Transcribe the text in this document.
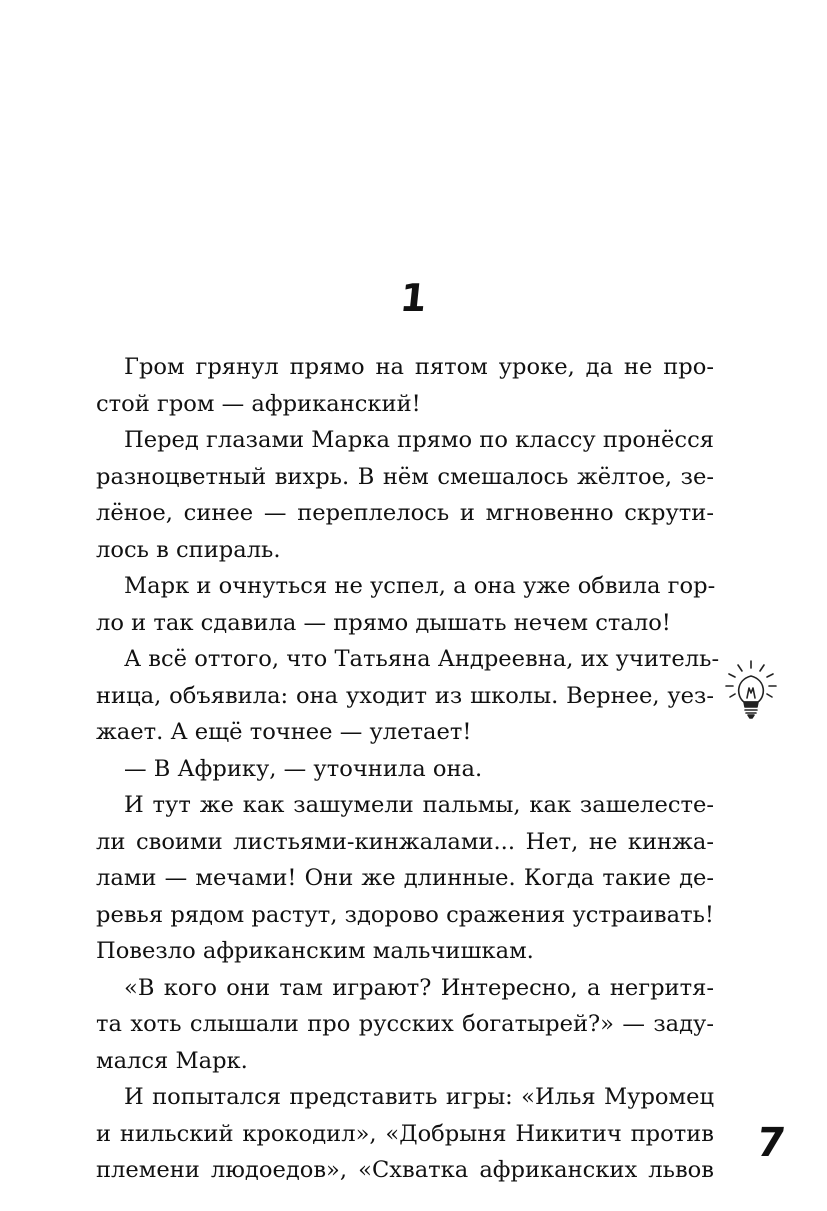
1
Гром грянул прямо на пятом уроке, да не про-
стой гром — африканский!
Перед глазами Марка прямо по классу пронёсся
разноцветный вихрь. В нём смешалось жёлтое, зе-
лёное, синее — переплелось и мгновенно скрути-
лось в спираль.
Марк и очнуться не успел, а она уже обвила гор-
ло и так сдавила — прямо дышать нечем стало!
А всё оттого, что Татьяна Андреевна, их учитель-
ница, объявила: она уходит из школы. Вернее, уез-
жает. А ещё точнее — улетает!
— В Африку, — уточнила она.
И тут же как зашумели пальмы, как зашелесте-
ли своими листьями-кинжалами... Нет, не кинжа-
лами — мечами! Они же длинные. Когда такие де-
ревья рядом растут, здорово сражения устраивать!
Повезло африканским мальчишкам.
«В кого они там играют? Интересно, а негритя-
та хоть слышали про русских богатырей?» — заду-
мался Марк.
И попытался представить игры: «Илья Муромец
и нильский крокодил», «Добрыня Никитич против
племени людоедов», «Схватка африканских львов
7
